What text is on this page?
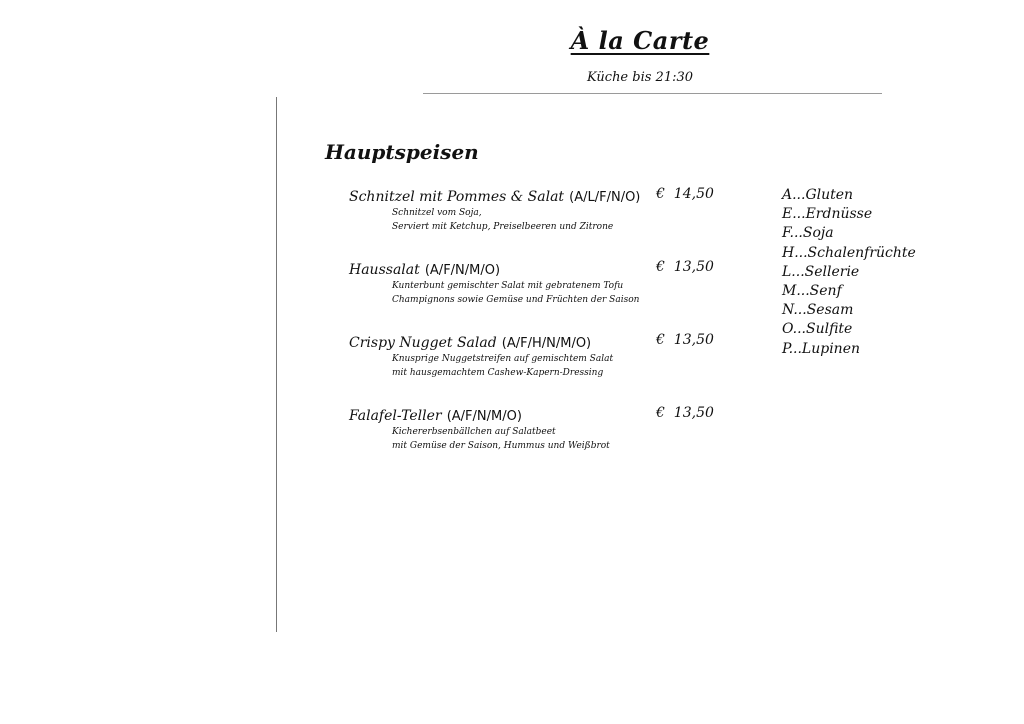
À la Carte
Küche bis 21:30
Hauptspeisen
Schnitzel mit Pommes & Salat (A/L/F/N/O) €  14,50
Schnitzel vom Soja,
Serviert mit Ketchup, Preiselbeeren und Zitrone
Haussalat (A/F/N/M/O)	€  13,50
Kunterbunt gemischter Salat mit gebratenem Tofu
Champignons sowie Gemüse und Früchten der Saison
Crispy Nugget Salad (A/F/H/N/M/O)	€  13,50
Knusprige Nuggetstreifen auf gemischtem Salat
mit hausgemachtem Cashew-Kapern-Dressing
Falafel-Teller (A/F/N/M/O)	€  13,50
Kichererbsenbällchen auf Salatbeet
mit Gemüse der Saison, Hummus und Weißbrot
A...Gluten
E...Erdnüsse
F...Soja
H...Schalenfrüchte
L...Sellerie
M...Senf
N...Sesam
O...Sulfite
P...Lupinen
